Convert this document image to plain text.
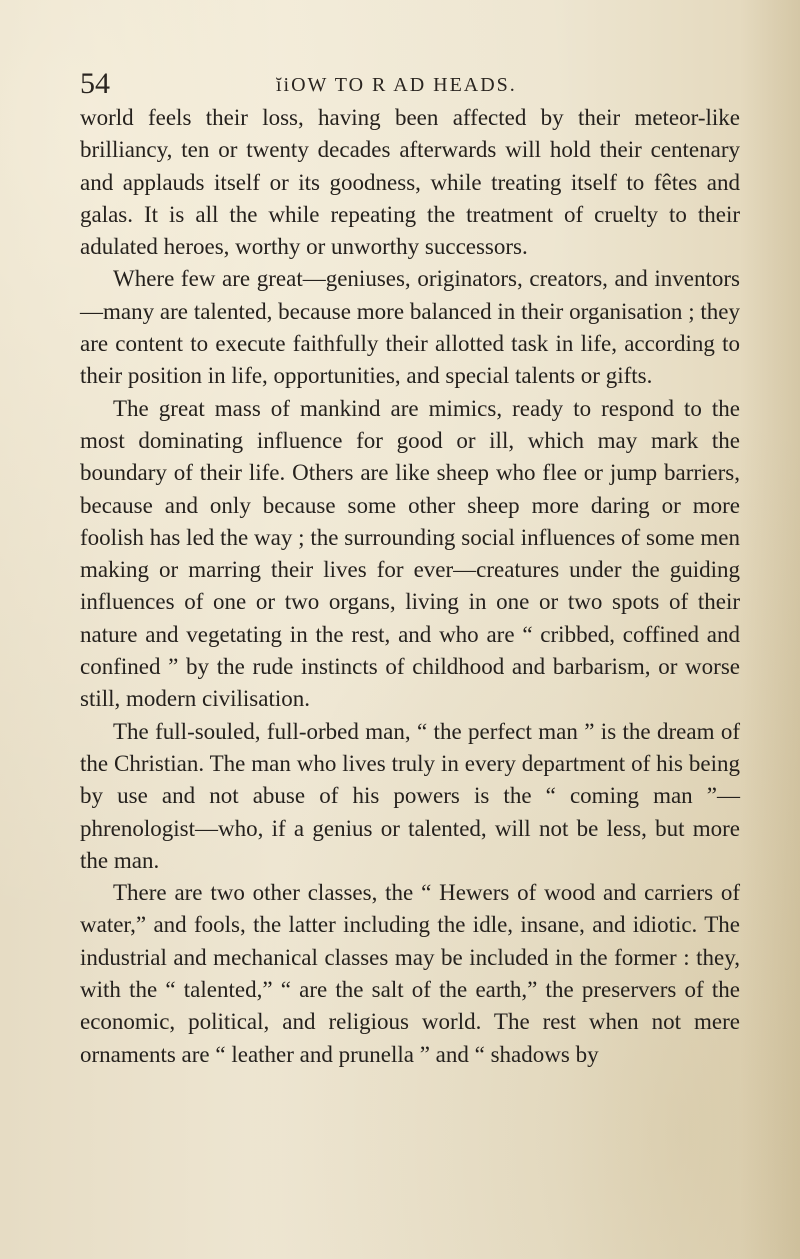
54	ĭiOW TO R AD HEADS.

world feels their loss, having been affected by their meteor-like brilliancy, ten or twenty decades afterwards will hold their centenary and applauds itself or its goodness, while treating itself to fêtes and galas. It is all the while repeating the treatment of cruelty to their adulated heroes, worthy or unworthy successors.

Where few are great—geniuses, originators, creators, and inventors—many are talented, because more balanced in their organisation ; they are content to execute faithfully their allotted task in life, according to their position in life, opportunities, and special talents or gifts.

The great mass of mankind are mimics, ready to respond to the most dominating influence for good or ill, which may mark the boundary of their life. Others are like sheep who flee or jump barriers, because and only because some other sheep more daring or more foolish has led the way ; the surrounding social influences of some men making or marring their lives for ever—creatures under the guiding influences of one or two organs, living in one or two spots of their nature and vegetating in the rest, and who are “ cribbed, coffined and confined ” by the rude instincts of childhood and barbarism, or worse still, modern civilisation.

The full-souled, full-orbed man, “ the perfect man ” is the dream of the Christian. The man who lives truly in every department of his being by use and not abuse of his powers is the “ coming man ”—phrenologist—who, if a genius or talented, will not be less, but more the man.

There are two other classes, the “ Hewers of wood and carriers of water,” and fools, the latter including the idle, insane, and idiotic. The industrial and mechanical classes may be included in the former : they, with the “ talented,” “ are the salt of the earth,” the preservers of the economic, political, and religious world. The rest when not mere ornaments are “ leather and prunella ” and “ shadows by
